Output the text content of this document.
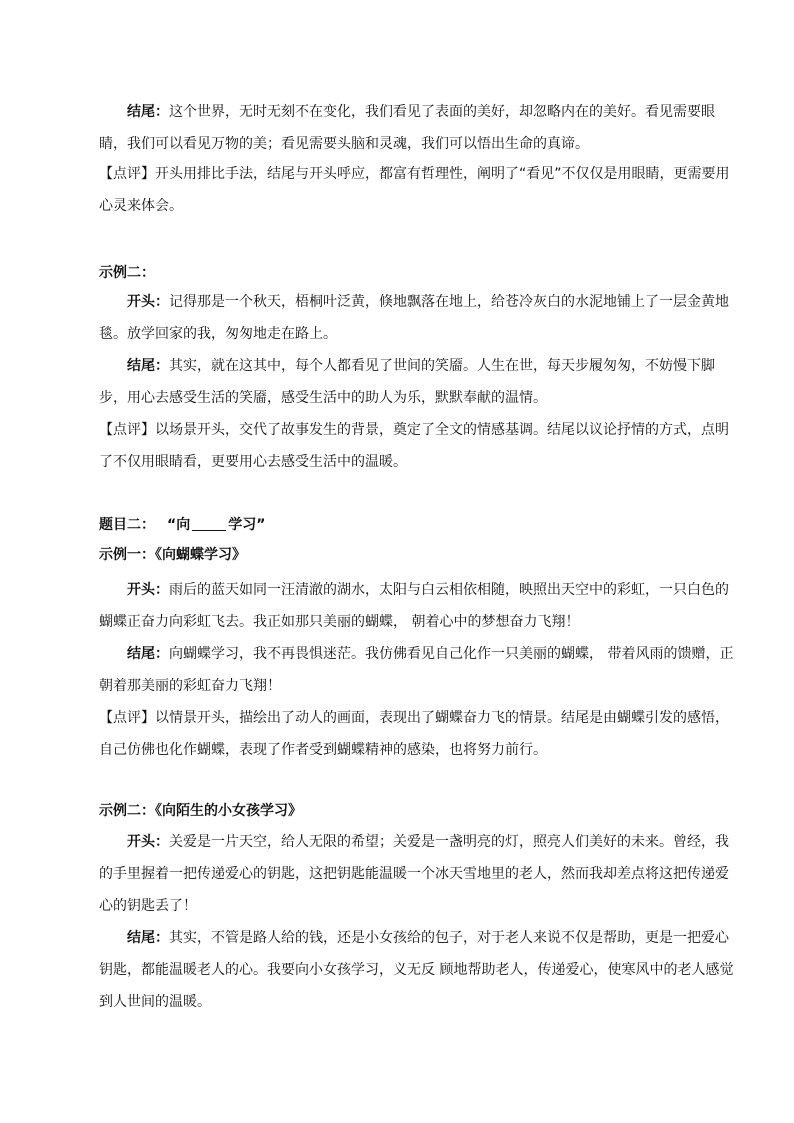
结尾：这个世界，无时无刻不在变化，我们看见了表面的美好，却忽略内在的美好。看见需要眼睛，我们可以看见万物的美；看见需要头脑和灵魂，我们可以悟出生命的真谛。

【点评】开头用排比手法，结尾与开头呼应，都富有哲理性，阐明了“看见”不仅仅是用眼睛，更需要用心灵来体会。

示例二：

开头：记得那是一个秋天，梧桐叶泛黄，倏地飘落在地上，给苍冷灰白的水泥地铺上了一层金黄地毯。放学回家的我，匆匆地走在路上。

结尾：其实，就在这其中，每个人都看见了世间的笑靥。人生在世，每天步履匆匆，不妨慢下脚步，用心去感受生活的笑靥，感受生活中的助人为乐，默默奉献的温情。

【点评】以场景开头，交代了故事发生的背景，奠定了全文的情感基调。结尾以议论抒情的方式，点明了不仅用眼睛看，更要用心去感受生活中的温暖。

题目二： “向	学习”

示例一：《向蝴蝶学习》

开头：雨后的蓝天如同一汪清澈的湖水，太阳与白云相依相随，映照出天空中的彩虹，一只白色的蝴蝶正奋力向彩虹飞去。我正如那只美丽的蝴蝶， 朝着心中的梦想奋力飞翔！

结尾：向蝴蝶学习，我不再畏惧迷茫。我仿佛看见自己化作一只美丽的蝴蝶， 带着风雨的馈赠，正朝着那美丽的彩虹奋力飞翔！

【点评】以情景开头，描绘出了动人的画面，表现出了蝴蝶奋力飞的情景。结尾是由蝴蝶引发的感悟，自己仿佛也化作蝴蝶，表现了作者受到蝴蝶精神的感染，也将努力前行。

示例二：《向陌生的小女孩学习》

开头：关爱是一片天空，给人无限的希望；关爱是一盏明亮的灯，照亮人们美好的未来。曾经，我的手里握着一把传递爱心的钥匙，这把钥匙能温暖一个冰天雪地里的老人，然而我却差点将这把传递爱心的钥匙丢了！

结尾：其实，不管是路人给的钱，还是小女孩给的包子，对于老人来说不仅是帮助，更是一把爱心钥匙，都能温暖老人的心。我要向小女孩学习，义无反 顾地帮助老人，传递爱心，使寒风中的老人感觉到人世间的温暖。
